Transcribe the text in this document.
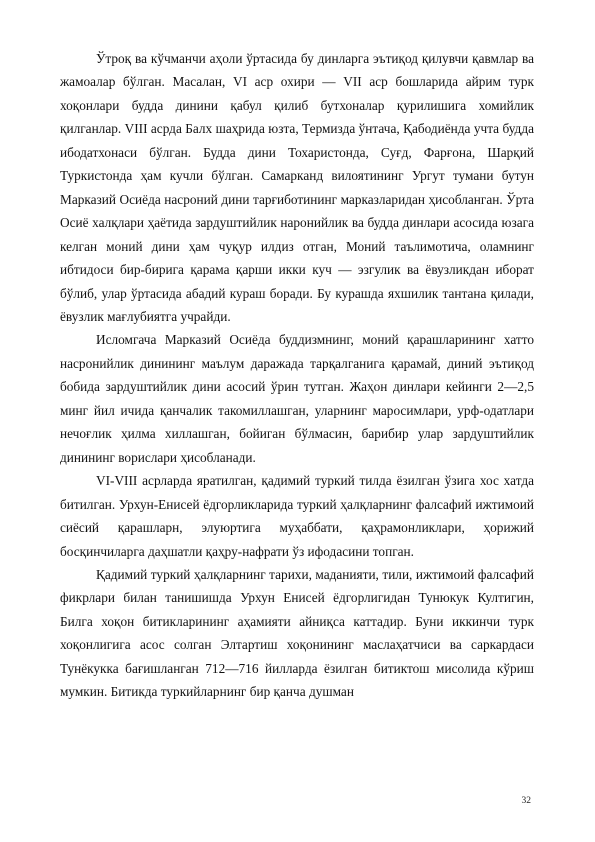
Ўтроқ ва кўчманчи аҳоли ўртасида бу динларга эътиқод қилувчи қавмлар ва жамоалар бўлган. Масалан, VI аср охири — VII аср бошларида айрим турк хоқонлари будда динини қабул қилиб бутхоналар қурилишига хомийлик қилганлар. VIII асрда Балх шаҳрида юзта, Термизда ўнтача, Қабодиёнда учта будда ибодатхонаси бўлган. Будда дини Тохаристонда, Суғд, Фарғона, Шарқий Туркистонда ҳам кучли бўлган. Самарканд вилоятининг Ургут тумани бутун Марказий Осиёда насроний дини тарғиботининг марказларидан ҳисобланган. Ўрта Осиё халқлари ҳаётида зардуштийлик наронийлик ва будда динлари асосида юзага келган моний дини ҳам чуқур илдиз отган, Моний таълимотича, оламнинг ибтидоси бир-бирига қарама қарши икки куч — эзгулик ва ёвузликдан иборат бўлиб, улар ўртасида абадий кураш боради. Бу курашда яхшилик тантана қилади, ёвузлик мағлубиятга учрайди.

Исломгача Марказий Осиёда буддизмнинг, моний қарашларининг хатто насронийлик динининг маълум даражада тарқалганига қарамай, диний эътиқод бобида зардуштийлик дини асосий ўрин тутган. Жаҳон динлари кейинги 2—2,5 минг йил ичида қанчалик такомиллашган, уларнинг маросимлари, урф-одатлари нечоғлик ҳилма хиллашган, бойиган бўлмасин, барибир улар зардуштийлик динининг ворислари ҳисобланади.

VI-VIII асрларда яратилган, қадимий туркий тилда ёзилган ўзига хос хатда битилган. Урхун-Енисей ёдгорликларида туркий ҳалқларнинг фалсафий ижтимоий сиёсий қарашларн, элуюртига муҳаббати, қаҳрамонликлари, ҳорижий босқинчиларга даҳшатли қаҳру-нафрати ўз ифодасини топган.

Қадимий туркий ҳалқларнинг тарихи, маданияти, тили, ижтимоий фалсафий фикрлари билан танишишда Урхун Енисей ёдгорлигидан Тунюкук Култигин, Билга хоқон битикларининг аҳамияти айниқса каттадир. Буни иккинчи турк хоқонлигига асос солган Элтартиш хоқонининг маслаҳатчиси ва саркардаси Тунёкукка бағишланган 712—716 йилларда ёзилган битиктош мисолида кўриш мумкин. Битикда туркийларнинг бир қанча душман

32
